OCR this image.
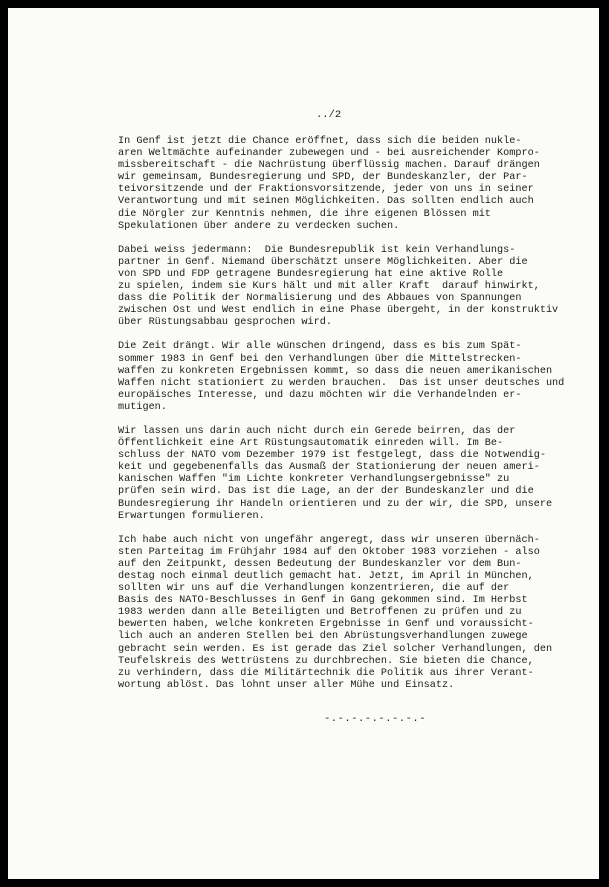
../2
In Genf ist jetzt die Chance eröffnet, dass sich die beiden nukle-
aren Weltmächte aufeinander zubewegen und - bei ausreichender Kompro-
missbereitschaft - die Nachrüstung überflüssig machen. Darauf drängen
wir gemeinsam, Bundesregierung und SPD, der Bundeskanzler, der Par-
teivorsitzende und der Fraktionsvorsitzende, jeder von uns in seiner
Verantwortung und mit seinen Möglichkeiten. Das sollten endlich auch
die Nörgler zur Kenntnis nehmen, die ihre eigenen Blössen mit
Spekulationen über andere zu verdecken suchen.
Dabei weiss jedermann:  Die Bundesrepublik ist kein Verhandlungs-
partner in Genf. Niemand überschätzt unsere Möglichkeiten. Aber die
von SPD und FDP getragene Bundesregierung hat eine aktive Rolle
zu spielen, indem sie Kurs hält und mit aller Kraft  darauf hinwirkt,
dass die Politik der Normalisierung und des Abbaues von Spannungen
zwischen Ost und West endlich in eine Phase übergeht, in der konstruktiv
über Rüstungsabbau gesprochen wird.
Die Zeit drängt. Wir alle wünschen dringend, dass es bis zum Spät-
sommer 1983 in Genf bei den Verhandlungen über die Mittelstrecken-
waffen zu konkreten Ergebnissen kommt, so dass die neuen amerikanischen
Waffen nicht stationiert zu werden brauchen.  Das ist unser deutsches und
europäisches Interesse, und dazu möchten wir die Verhandelnden er-
mutigen.
Wir lassen uns darin auch nicht durch ein Gerede beirren, das der
Öffentlichkeit eine Art Rüstungsautomatik einreden will. Im Be-
schluss der NATO vom Dezember 1979 ist festgelegt, dass die Notwendig-
keit und gegebenenfalls das Ausmaß der Stationierung der neuen ameri-
kanischen Waffen "im Lichte konkreter Verhandlungsergebnisse" zu
prüfen sein wird. Das ist die Lage, an der der Bundeskanzler und die
Bundesregierung ihr Handeln orientieren und zu der wir, die SPD, unsere
Erwartungen formulieren.
Ich habe auch nicht von ungefähr angeregt, dass wir unseren übernäch-
sten Parteitag im Frühjahr 1984 auf den Oktober 1983 vorziehen - also
auf den Zeitpunkt, dessen Bedeutung der Bundeskanzler vor dem Bun-
destag noch einmal deutlich gemacht hat. Jetzt, im April in München,
sollten wir uns auf die Verhandlungen konzentrieren, die auf der
Basis des NATO-Beschlusses in Genf in Gang gekommen sind. Im Herbst
1983 werden dann alle Beteiligten und Betroffenen zu prüfen und zu
bewerten haben, welche konkreten Ergebnisse in Genf und voraussicht-
lich auch an anderen Stellen bei den Abrüstungsverhandlungen zuwege
gebracht sein werden. Es ist gerade das Ziel solcher Verhandlungen, den
Teufelskreis des Wettrüstens zu durchbrechen. Sie bieten die Chance,
zu verhindern, dass die Militärtechnik die Politik aus ihrer Verant-
wortung ablöst. Das lohnt unser aller Mühe und Einsatz.
-.-.-.-.-.-.-.-
